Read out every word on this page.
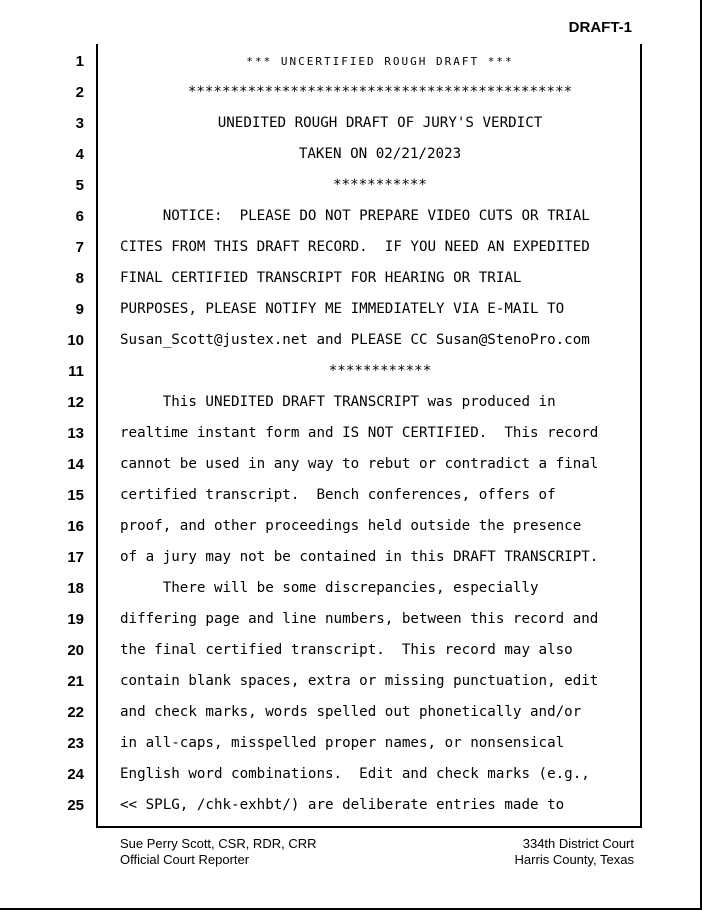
DRAFT-1
1
2
3
4
5
6
7
8
9
10
11
12
13
14
15
16
17
18
19
20
21
22
23
24
25
*** UNCERTIFIED ROUGH DRAFT ***
*********************************************
UNEDITED ROUGH DRAFT OF JURY'S VERDICT
TAKEN ON 02/21/2023
***********
NOTICE:  PLEASE DO NOT PREPARE VIDEO CUTS OR TRIAL
CITES FROM THIS DRAFT RECORD.  IF YOU NEED AN EXPEDITED
FINAL CERTIFIED TRANSCRIPT FOR HEARING OR TRIAL
PURPOSES, PLEASE NOTIFY ME IMMEDIATELY VIA E-MAIL TO
Susan_Scott@justex.net and PLEASE CC Susan@StenoPro.com
************
This UNEDITED DRAFT TRANSCRIPT was produced in
realtime instant form and IS NOT CERTIFIED.  This record
cannot be used in any way to rebut or contradict a final
certified transcript.  Bench conferences, offers of
proof, and other proceedings held outside the presence
of a jury may not be contained in this DRAFT TRANSCRIPT.
There will be some discrepancies, especially
differing page and line numbers, between this record and
the final certified transcript.  This record may also
contain blank spaces, extra or missing punctuation, edit
and check marks, words spelled out phonetically and/or
in all-caps, misspelled proper names, or nonsensical
English word combinations.  Edit and check marks (e.g.,
<< SPLG, /chk-exhbt/) are deliberate entries made to
Sue Perry Scott, CSR, RDR, CRR
Official Court Reporter
334th District Court
Harris County, Texas
